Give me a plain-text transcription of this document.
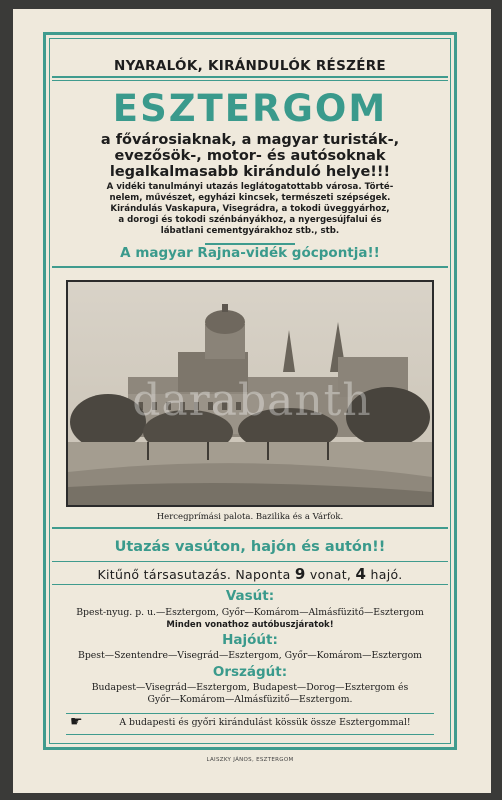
NYARALÓK, KIRÁNDULÓK RÉSZÉRE
ESZTERGOM
a fővárosiaknak, a magyar turisták-,
evezősök-, motor- és autósoknak
legalkalmasabb kiránduló helye!!!
A vidéki tanulmányi utazás leglátogatottabb városa. Törté-
nelem, művészet, egyházi kincsek, természeti szépségek.
Kirándulás Vaskapura, Visegrádra, a tokodi üveggyárhoz,
a dorogi és tokodi szénbányákhoz, a nyergesújfalui és
lábatlani cementgyárakhoz stb., stb.
A magyar Rajna-vidék gócpontja!!
darabanth
Hercegprímási palota. Bazilika és a Várfok.
Utazás vasúton, hajón és autón!!
Kitűnő társasutazás. Naponta 9 vonat, 4 hajó.
Vasút:
Bpest-nyug. p. u.—Esztergom, Győr—Komárom—Almásfüzitő—Esztergom
Minden vonathoz autóbuszjáratok!
Hajóút:
Bpest—Szentendre—Visegrád—Esztergom, Győr—Komárom—Esztergom
Országút:
Budapest—Visegrád—Esztergom, Budapest—Dorog—Esztergom és
Győr—Komárom—Almásfüzitő—Esztergom.
☛	A budapesti és győri kirándulást kössük össze Esztergommal!
LAISZKY JÁNOS, ESZTERGOM
